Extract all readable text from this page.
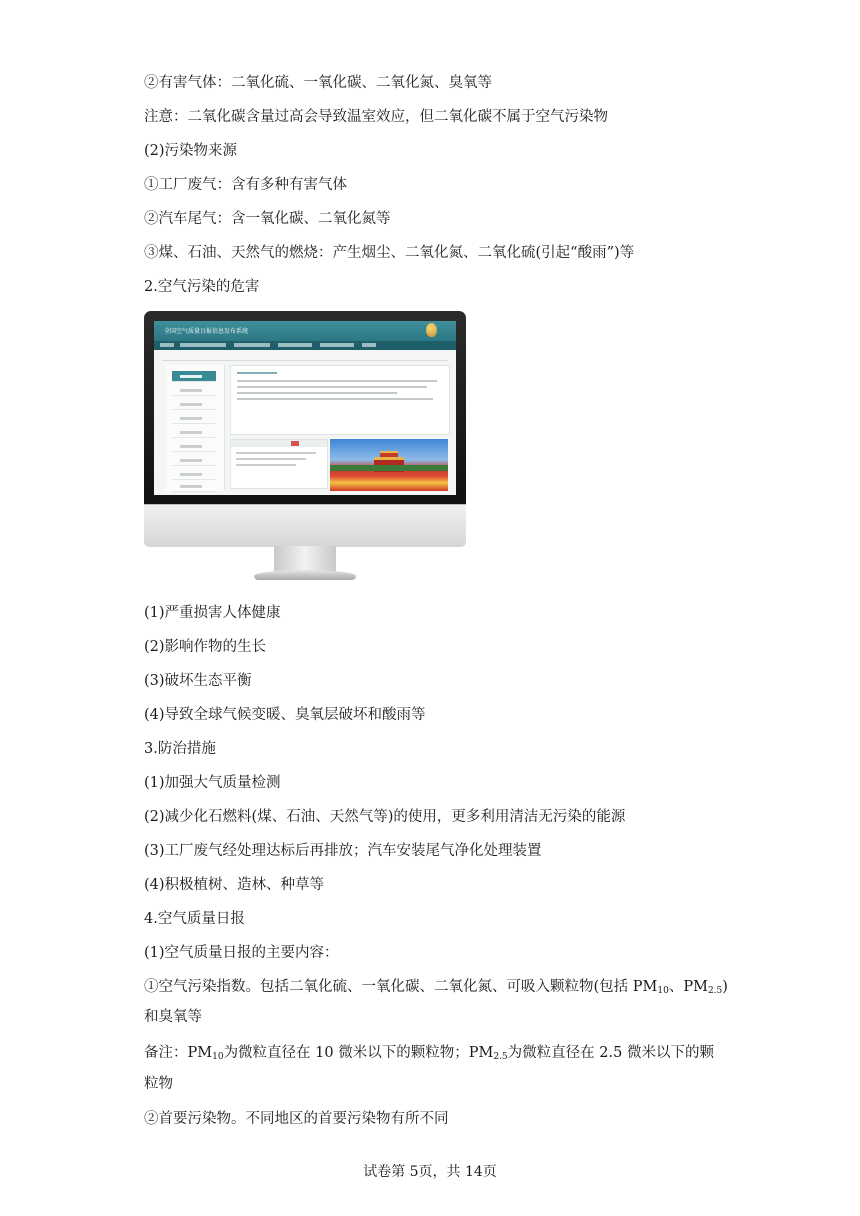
②有害气体：二氧化硫、一氧化碳、二氧化氮、臭氧等
注意：二氧化碳含量过高会导致温室效应，但二氧化碳不属于空气污染物
(2)污染物来源
①工厂废气：含有多种有害气体
②汽车尾气：含一氧化碳、二氧化氮等
③煤、石油、天然气的燃烧：产生烟尘、二氧化氮、二氧化硫(引起“酸雨”)等
2.空气污染的危害
全国空气质量日报信息发布系统
(1)严重损害人体健康
(2)影响作物的生长
(3)破坏生态平衡
(4)导致全球气候变暖、臭氧层破坏和酸雨等
3.防治措施
(1)加强大气质量检测
(2)减少化石燃料(煤、石油、天然气等)的使用，更多利用清洁无污染的能源
(3)工厂废气经处理达标后再排放；汽车安装尾气净化处理装置
(4)积极植树、造林、种草等
4.空气质量日报
(1)空气质量日报的主要内容：
①空气污染指数。包括二氧化硫、一氧化碳、二氧化氮、可吸入颗粒物(包括 $PM_{10}$、$PM_{2.5}$)
和臭氧等
备注：$PM_{10}$为微粒直径在 10 微米以下的颗粒物；$PM_{2.5}$为微粒直径在 2.5 微米以下的颗
粒物
②首要污染物。不同地区的首要污染物有所不同
试卷第 5页，共 14页
